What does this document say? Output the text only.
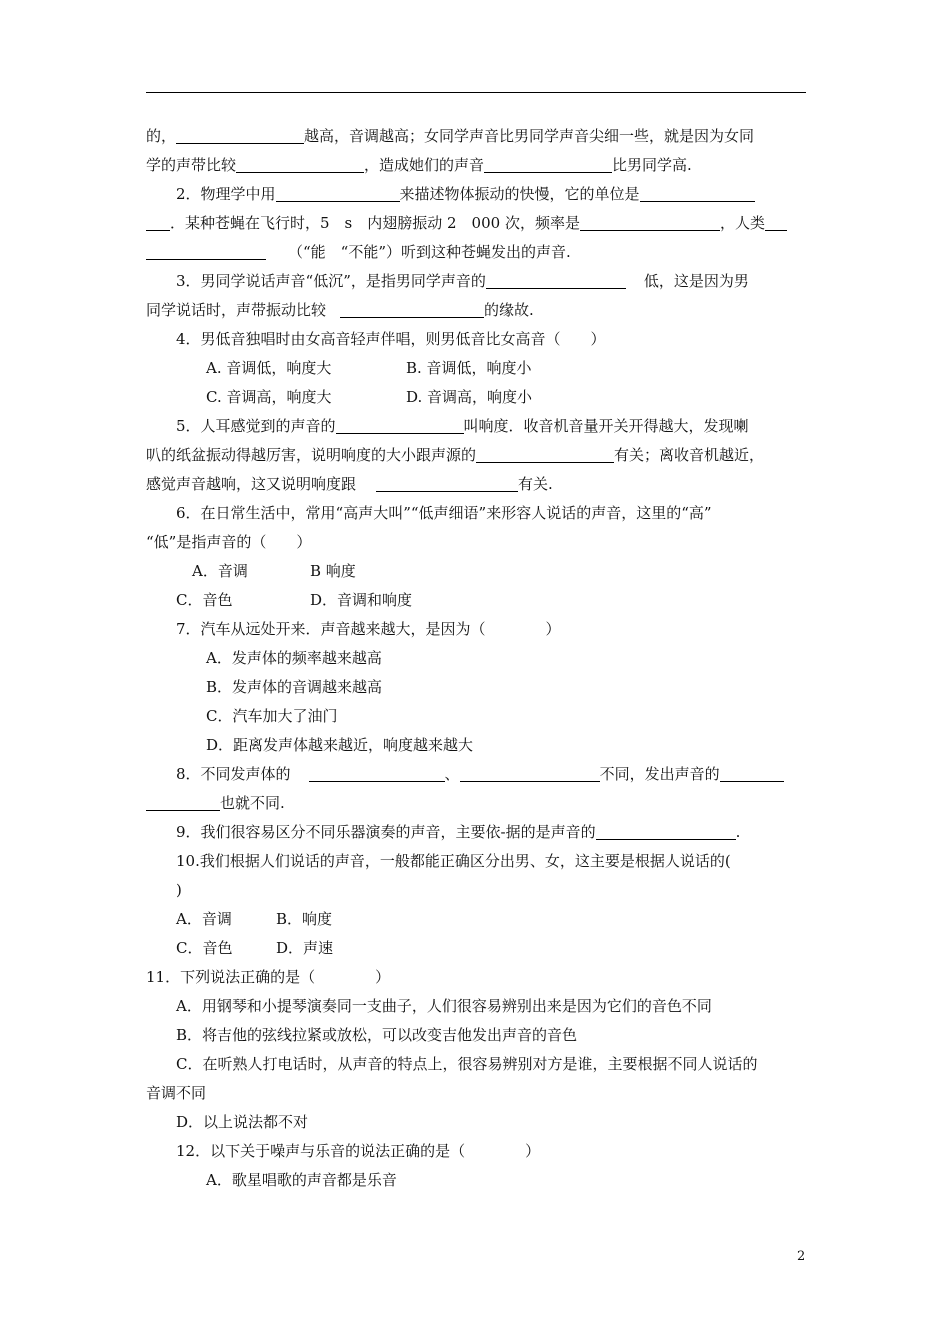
的，	越高，音调越高；女同学声音比男同学声音尖细一些，就是因为女同
学的声带比较	，造成她们的声音	比男同学高.
2．物理学中用	来描述物体振动的快慢，它的单位是
．某种苍蝇在飞行时，5　s　内翅膀振动 2　000 次，频率是	，人类
（“能　“不能”）听到这种苍蝇发出的声音.
3．男同学说话声音“低沉”，是指男同学声音的	低，这是因为男
同学说话时，声带振动比较	的缘故.
4．男低音独唱时由女高音轻声伴唱，则男低音比女高音（　　）
A. 音调低，响度大	B. 音调低，响度小
C. 音调高，响度大	D. 音调高，响度小
5．人耳感觉到的声音的	叫响度．收音机音量开关开得越大，发现喇
叭的纸盆振动得越厉害，说明响度的大小跟声源的	有关；离收音机越近，
感觉声音越响，这又说明响度跟	有关.
6．在日常生活中，常用“高声大叫”“低声细语”来形容人说话的声音，这里的“高”
“低”是指声音的（　　）
A．音调	B 响度
C．音色	D．音调和响度
7．汽车从远处开来．声音越来越大，是因为（　　　　）
A．发声体的频率越来越高
B．发声体的音调越来越高
C．汽车加大了油门
D．距离发声体越来越近，响度越来越大
8．不同发声体的	、	不同，发出声音的
也就不同.
9．我们很容易区分不同乐器演奏的声音，主要依-据的是声音的	.
10.我们根据人们说话的声音，一般都能正确区分出男、女，这主要是根据人说话的(
)
A．音调	B．响度
C．音色	D．声速
11．下列说法正确的是（　　　　）
A．用钢琴和小提琴演奏同一支曲子，人们很容易辨别出来是因为它们的音色不同
B．将吉他的弦线拉紧或放松，可以改变吉他发出声音的音色
C．在听熟人打电话时，从声音的特点上，很容易辨别对方是谁，主要根据不同人说话的
音调不同
D．以上说法都不对
12．以下关于噪声与乐音的说法正确的是（　　　　）
A．歌星唱歌的声音都是乐音
2
